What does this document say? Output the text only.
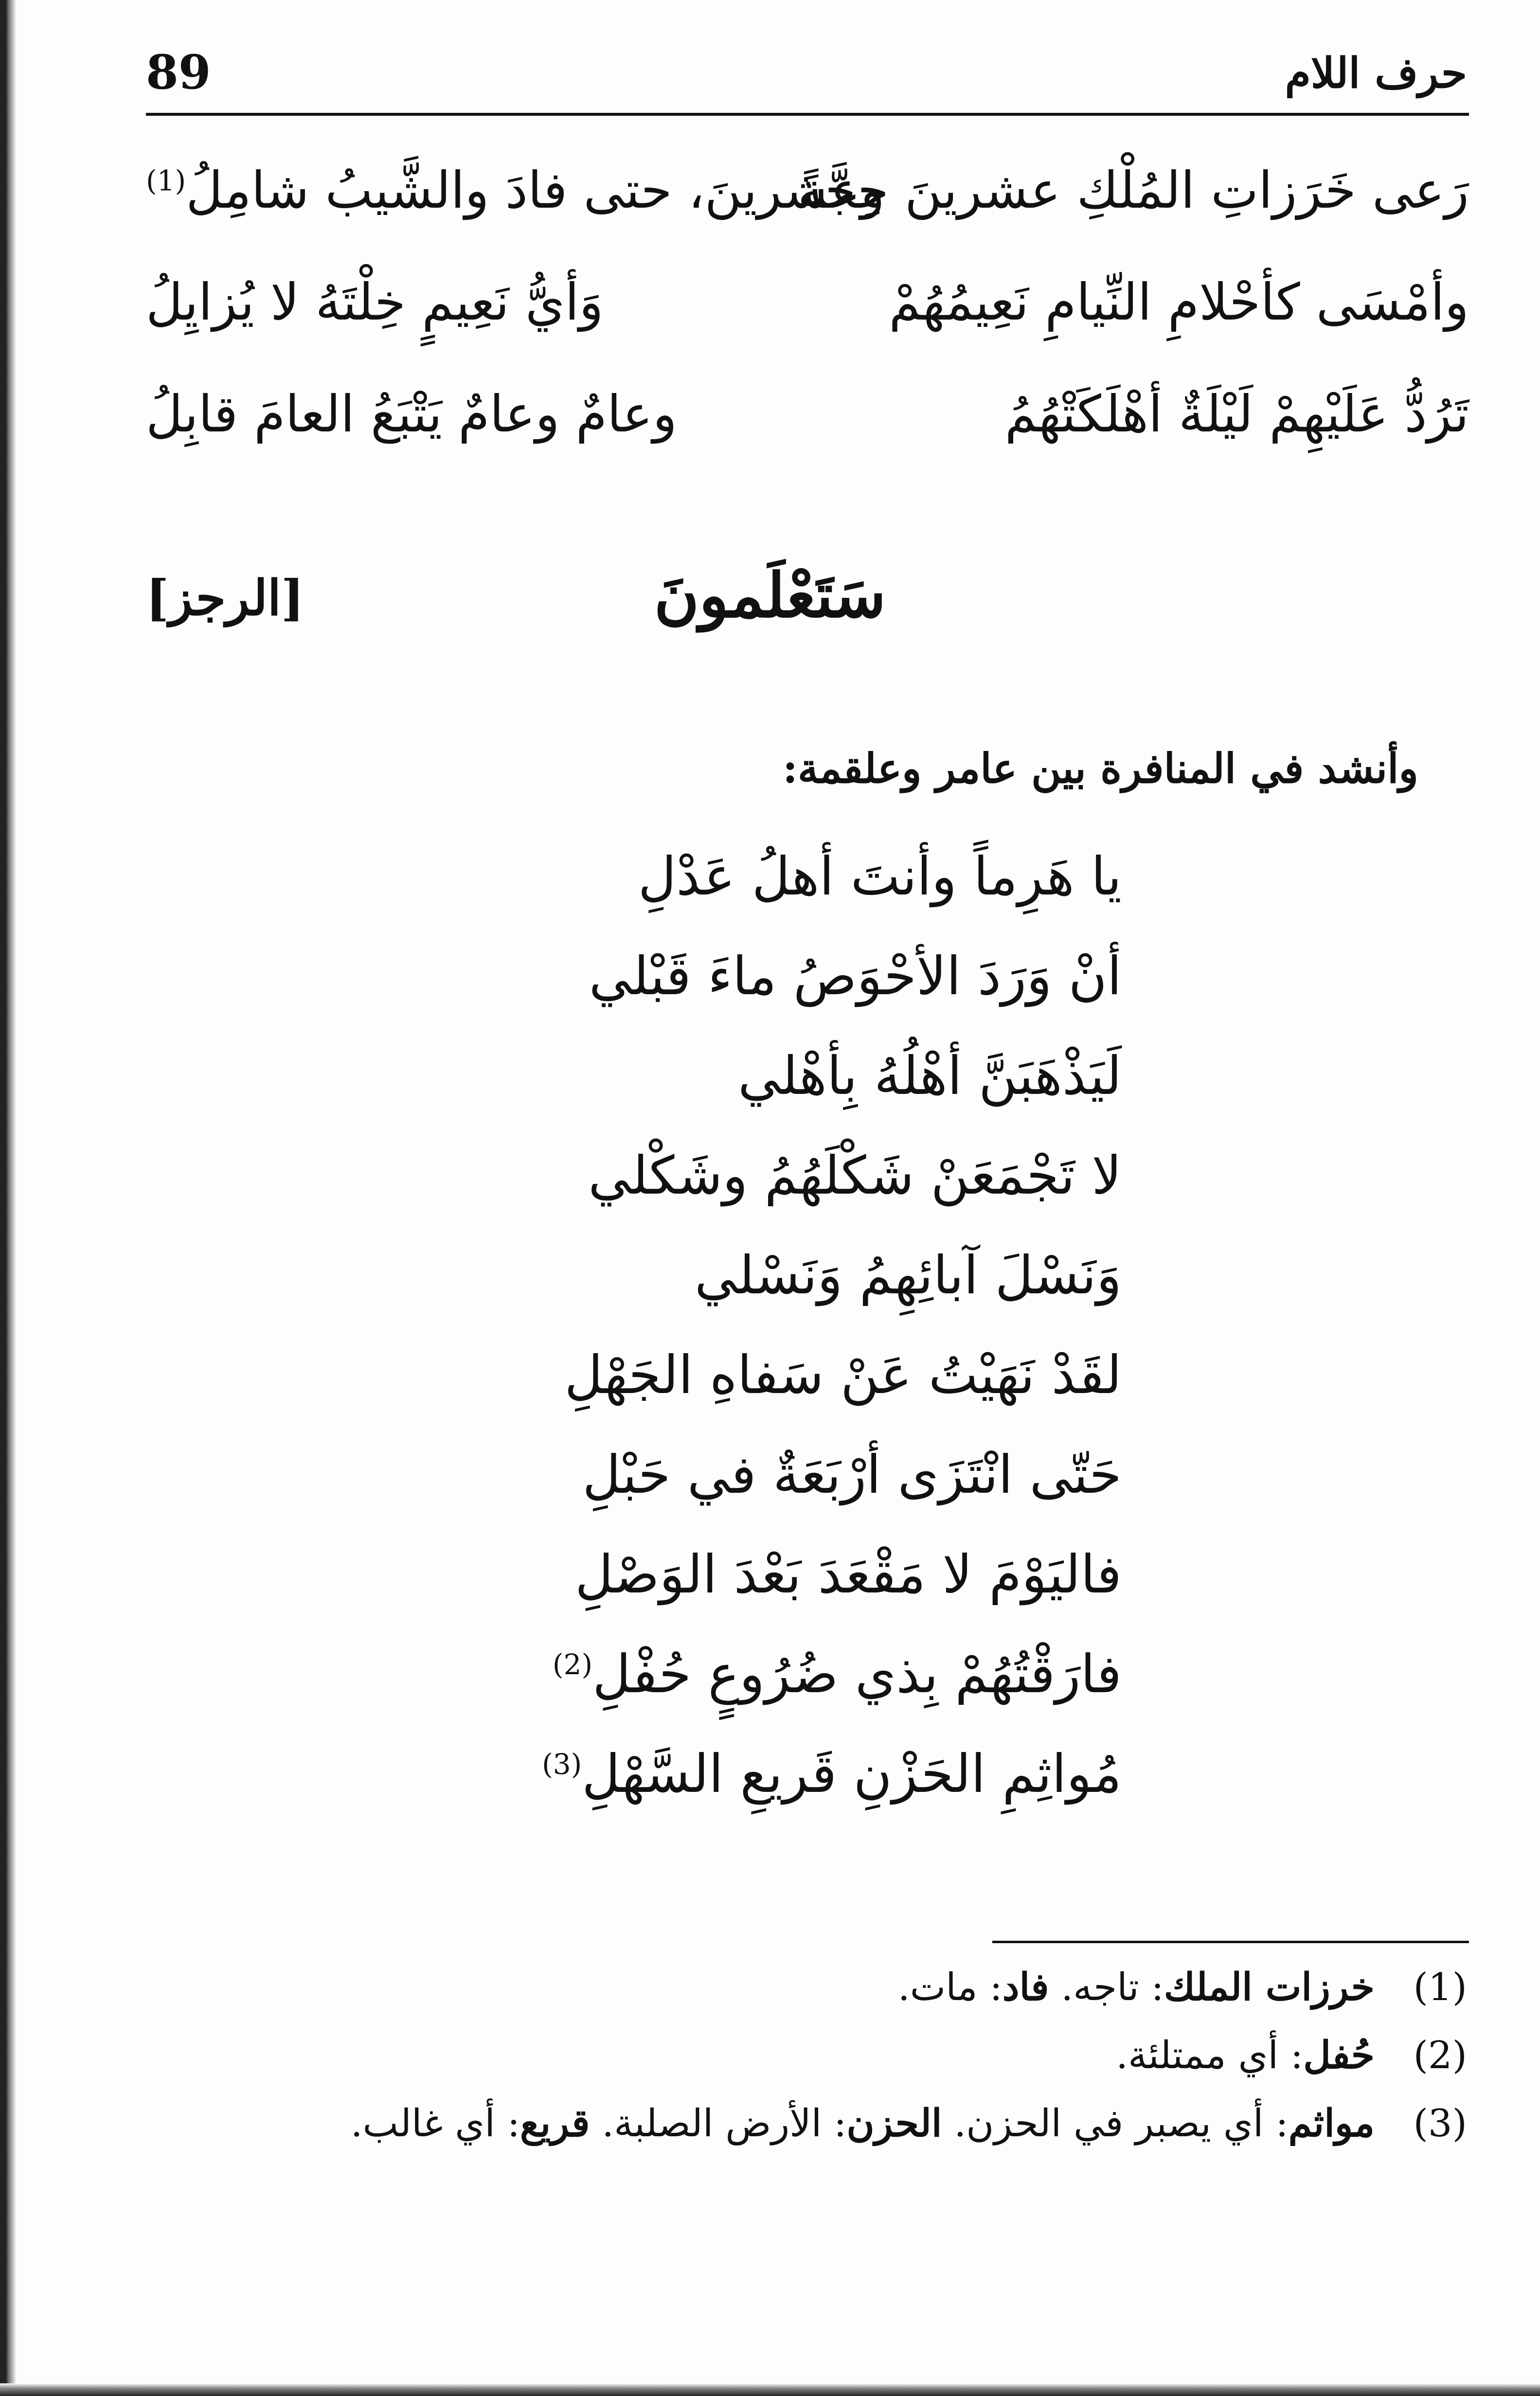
89	حرف اللام
رَعى خَرَزاتِ المُلْكِ عشرينَ حِجَّةً
وعشرينَ، حتى فادَ والشَّيبُ شامِلُ$^{(1)}$
وأمْسَى كأحْلامِ النِّيامِ نَعِيمُهُمْ
وَأيُّ نَعِيمٍ خِلْتَهُ لا يُزايِلُ
تَرُدُّ عَلَيْهِمْ لَيْلَةٌ أهْلَكَتْهُمُ
وعامٌ وعامٌ يَتْبَعُ العامَ قابِلُ
سَتَعْلَمونَ
[الرجز]
وأنشد في المنافرة بين عامر وعلقمة:
يا هَرِماً وأنتَ أهلُ عَدْلِ
أنْ وَرَدَ الأحْوَصُ ماءَ قَبْلي
لَيَذْهَبَنَّ أهْلُهُ بِأهْلي
لا تَجْمَعَنْ شَكْلَهُمُ وشَكْلي
وَنَسْلَ آبائِهِمُ وَنَسْلي
لقَدْ نَهَيْتُ عَنْ سَفاهِ الجَهْلِ
حَتّى انْتَزَى أرْبَعَةٌ في حَبْلِ
فاليَوْمَ لا مَقْعَدَ بَعْدَ الوَصْلِ
فارَقْتُهُمْ بِذي ضُرُوعٍ حُفْلِ$^{(2)}$
مُواثِمِ الحَزْنِ قَريعِ السَّهْلِ$^{(3)}$
(1)خرزات الملك: تاجه. فاد: مات.
(2)حُفل: أي ممتلئة.
(3)مواثم: أي يصبر في الحزن. الحزن: الأرض الصلبة. قريع: أي غالب.
